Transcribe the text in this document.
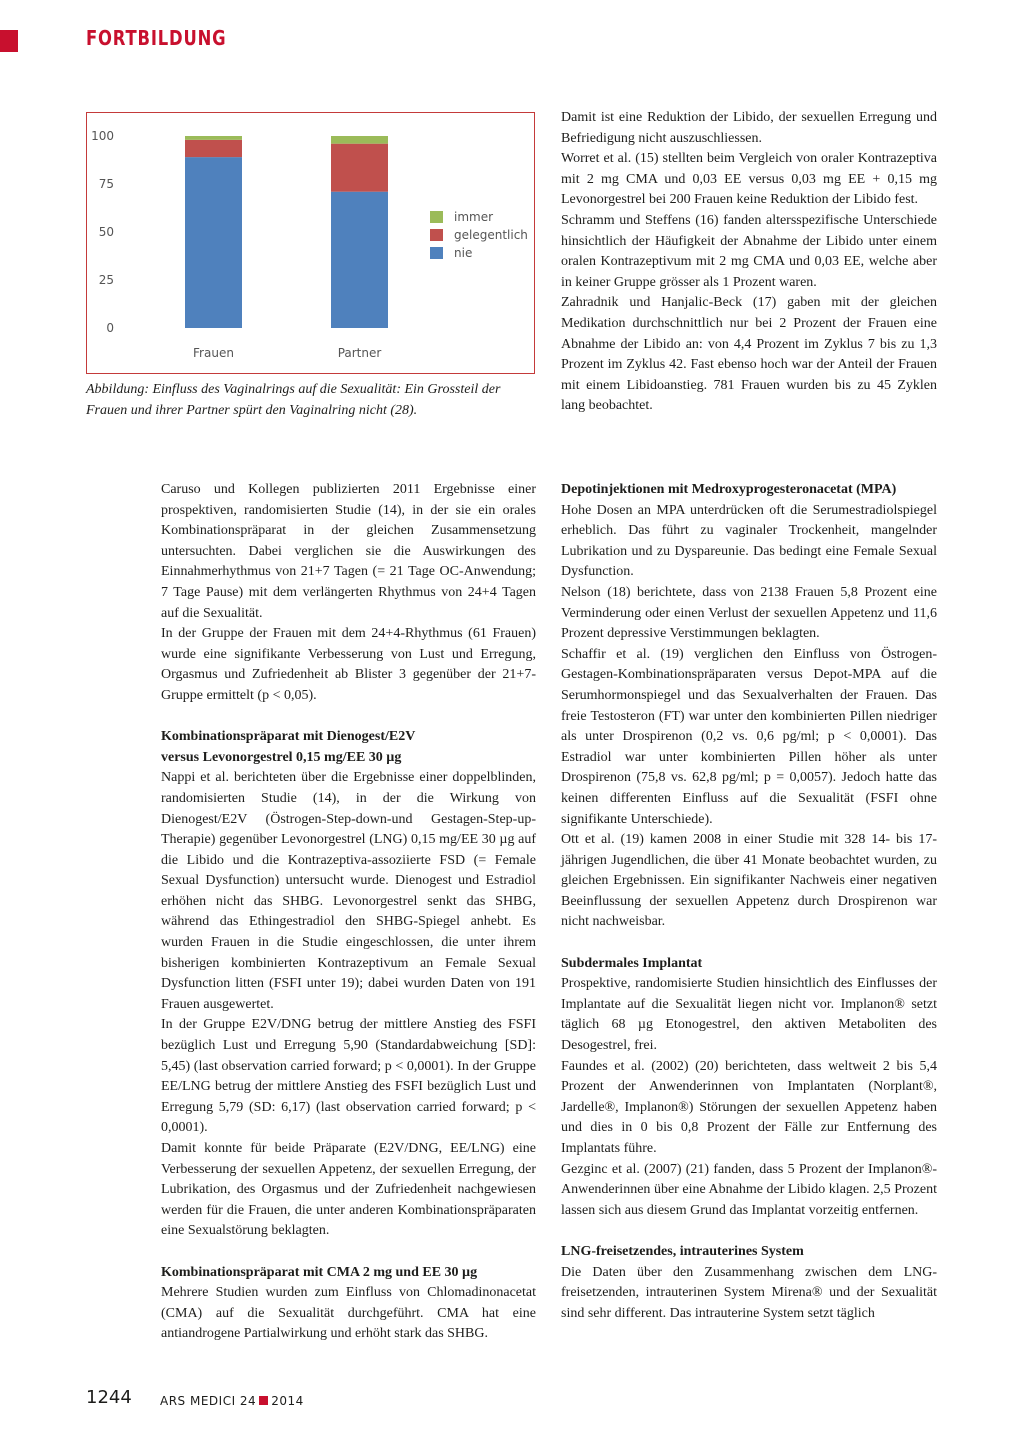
FORTBILDUNG
100
75
50
25
0
Frauen	Partner
immer
gelegentlich
nie
Abbildung: Einfluss des Vaginalrings auf die Sexualität: Ein Grossteil der Frauen und ihrer Partner spürt den Vaginalring nicht (28).

Damit ist eine Reduktion der Libido, der sexuellen Erregung und Befriedigung nicht auszuschliessen.

Worret et al. (15) stellten beim Vergleich von oraler Kontrazeptiva mit 2 mg CMA und 0,03 EE versus 0,03 mg EE + 0,15 mg Levonorgestrel bei 200 Frauen keine Reduktion der Libido fest.

Schramm und Steffens (16) fanden altersspezifische Unterschiede hinsichtlich der Häufigkeit der Abnahme der Libido unter einem oralen Kontrazeptivum mit 2 mg CMA und 0,03 EE, welche aber in keiner Gruppe grösser als 1 Prozent waren.

Zahradnik und Hanjalic-Beck (17) gaben mit der gleichen Medikation durchschnittlich nur bei 2 Prozent der Frauen eine Abnahme der Libido an: von 4,4 Prozent im Zyklus 7 bis zu 1,3 Prozent im Zyklus 42. Fast ebenso hoch war der Anteil der Frauen mit einem Libidoanstieg. 781 Frauen wurden bis zu 45 Zyklen lang beobachtet.

Caruso und Kollegen publizierten 2011 Ergebnisse einer prospektiven, randomisierten Studie (14), in der sie ein orales Kombinationspräparat in der gleichen Zusammensetzung untersuchten. Dabei verglichen sie die Auswirkungen des Einnahmerhythmus von 21+7 Tagen (= 21 Tage OC-Anwendung; 7 Tage Pause) mit dem verlängerten Rhythmus von 24+4 Tagen auf die Sexualität.

In der Gruppe der Frauen mit dem 24+4-Rhythmus (61 Frauen) wurde eine signifikante Verbesserung von Lust und Erregung, Orgasmus und Zufriedenheit ab Blister 3 gegenüber der 21+7-Gruppe ermittelt (p < 0,05).

Kombinationspräparat mit Dienogest/E2V
versus Levonorgestrel 0,15 mg/EE 30 µg

Nappi et al. berichteten über die Ergebnisse einer doppelblinden, randomisierten Studie (14), in der die Wirkung von Dienogest/E2V (Östrogen-Step-down-und Gestagen-Step-up-Therapie) gegenüber Levonorgestrel (LNG) 0,15 mg/EE 30 µg auf die Libido und die Kontrazeptiva-assoziierte FSD (= Female Sexual Dysfunction) untersucht wurde. Dienogest und Estradiol erhöhen nicht das SHBG. Levonorgestrel senkt das SHBG, während das Ethingestradiol den SHBG-Spiegel anhebt. Es wurden Frauen in die Studie eingeschlossen, die unter ihrem bisherigen kombinierten Kontrazeptivum an Female Sexual Dysfunction litten (FSFI unter 19); dabei wurden Daten von 191 Frauen ausgewertet.

In der Gruppe E2V/DNG betrug der mittlere Anstieg des FSFI bezüglich Lust und Erregung 5,90 (Standardabweichung [SD]: 5,45) (last observation carried forward; p < 0,0001). In der Gruppe EE/LNG betrug der mittlere Anstieg des FSFI bezüglich Lust und Erregung 5,79 (SD: 6,17) (last observation carried forward; p < 0,0001).

Damit konnte für beide Präparate (E2V/DNG, EE/LNG) eine Verbesserung der sexuellen Appetenz, der sexuellen Erregung, der Lubrikation, des Orgasmus und der Zufriedenheit nachgewiesen werden für die Frauen, die unter anderen Kombinationspräparaten eine Sexualstörung beklagten.

Kombinationspräparat mit CMA 2 mg und EE 30 µg

Mehrere Studien wurden zum Einfluss von Chlomadinonacetat (CMA) auf die Sexualität durchgeführt. CMA hat eine antiandrogene Partialwirkung und erhöht stark das SHBG.

Depotinjektionen mit Medroxyprogesteronacetat (MPA)

Hohe Dosen an MPA unterdrücken oft die Serumestradiolspiegel erheblich. Das führt zu vaginaler Trockenheit, mangelnder Lubrikation und zu Dyspareunie. Das bedingt eine Female Sexual Dysfunction.

Nelson (18) berichtete, dass von 2138 Frauen 5,8 Prozent eine Verminderung oder einen Verlust der sexuellen Appetenz und 11,6 Prozent depressive Verstimmungen beklagten.

Schaffir et al. (19) verglichen den Einfluss von Östrogen-Gestagen-Kombinationspräparaten versus Depot-MPA auf die Serumhormonspiegel und das Sexualverhalten der Frauen. Das freie Testosteron (FT) war unter den kombinierten Pillen niedriger als unter Drospirenon (0,2 vs. 0,6 pg/ml; p < 0,0001). Das Estradiol war unter kombinierten Pillen höher als unter Drospirenon (75,8 vs. 62,8 pg/ml; p = 0,0057). Jedoch hatte das keinen differenten Einfluss auf die Sexualität (FSFI ohne signifikante Unterschiede).

Ott et al. (19) kamen 2008 in einer Studie mit 328 14- bis 17-jährigen Jugendlichen, die über 41 Monate beobachtet wurden, zu gleichen Ergebnissen. Ein signifikanter Nachweis einer negativen Beeinflussung der sexuellen Appetenz durch Drospirenon war nicht nachweisbar.

Subdermales Implantat

Prospektive, randomisierte Studien hinsichtlich des Einflusses der Implantate auf die Sexualität liegen nicht vor. Implanon® setzt täglich 68 µg Etonogestrel, den aktiven Metaboliten des Desogestrel, frei.

Faundes et al. (2002) (20) berichteten, dass weltweit 2 bis 5,4 Prozent der Anwenderinnen von Implantaten (Norplant®, Jardelle®, Implanon®) Störungen der sexuellen Appetenz haben und dies in 0 bis 0,8 Prozent der Fälle zur Entfernung des Implantats führe.

Gezginc et al. (2007) (21) fanden, dass 5 Prozent der Implanon®-Anwenderinnen über eine Abnahme der Libido klagen. 2,5 Prozent lassen sich aus diesem Grund das Implantat vorzeitig entfernen.

LNG-freisetzendes, intrauterines System

Die Daten über den Zusammenhang zwischen dem LNG-freisetzenden, intrauterinen System Mirena® und der Sexualität sind sehr different. Das intrauterine System setzt täglich

1244 ARS MEDICI 24 2014
